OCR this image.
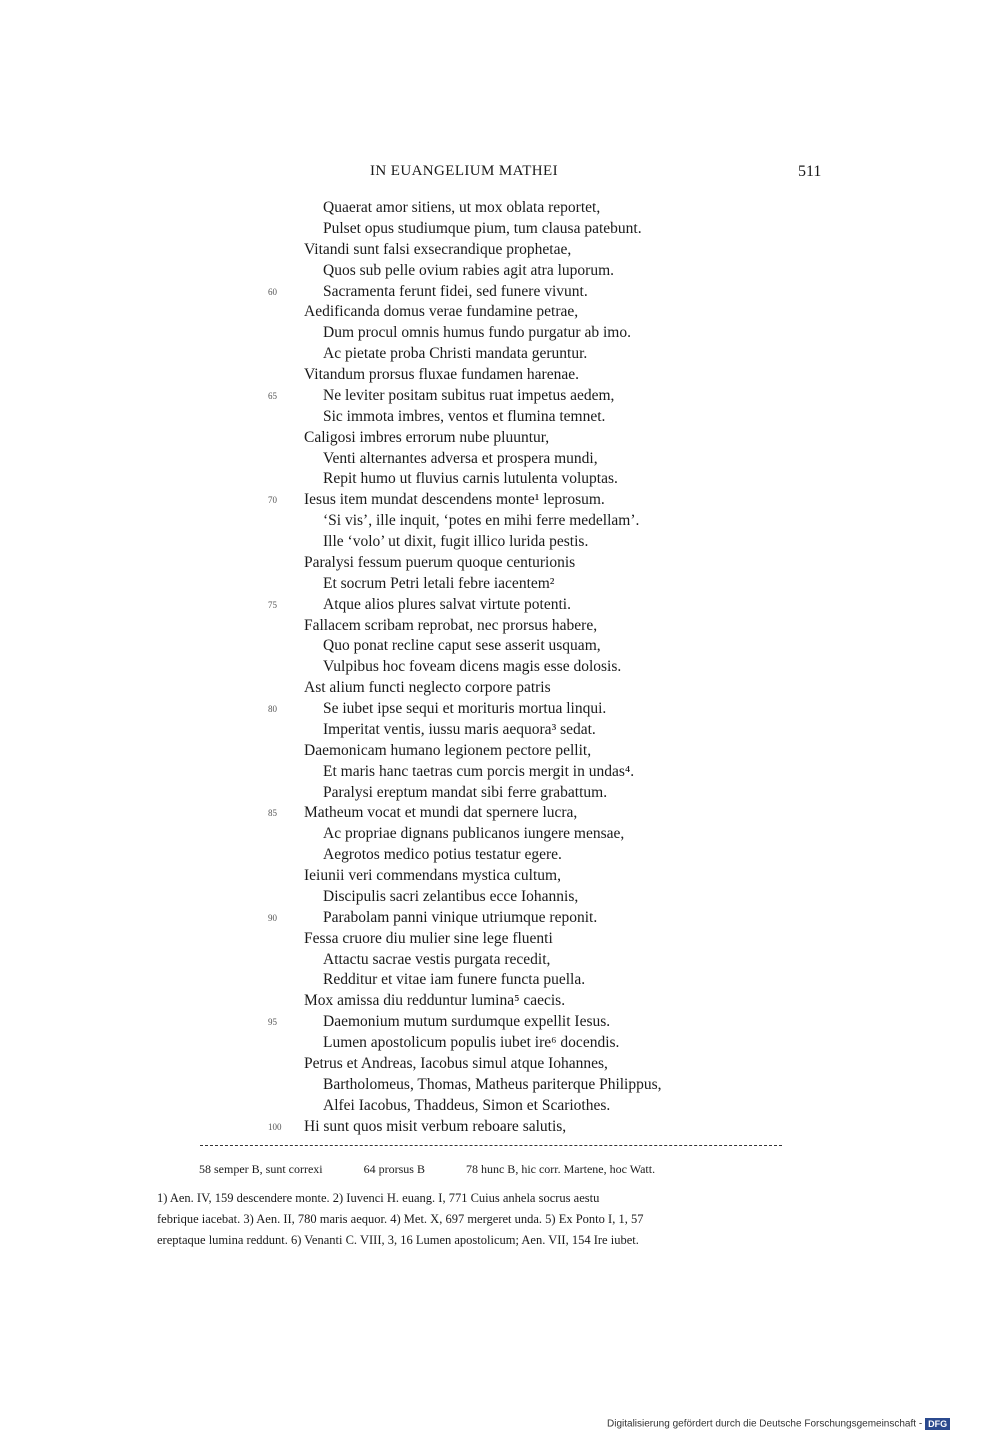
IN EUANGELIUM MATHEI	511
Quaerat amor sitiens, ut mox oblata reportet,
Pulset opus studiumque pium, tum clausa patebunt.
Vitandi sunt falsi exsecrandique prophetae,
Quos sub pelle ovium rabies agit atra luporum.
60	Sacramenta ferunt fidei, sed funere vivunt.
Aedificanda domus verae fundamine petrae,
Dum procul omnis humus fundo purgatur ab imo.
Ac pietate proba Christi mandata geruntur.
Vitandum prorsus fluxae fundamen harenae.
65	Ne leviter positam subitus ruat impetus aedem,
Sic immota imbres, ventos et flumina temnet.
Caligosi imbres errorum nube pluuntur,
Venti alternantes adversa et prospera mundi,
Repit humo ut fluvius carnis lutulenta voluptas.
70	Iesus item mundat descendens monte¹ leprosum.
‘Si vis’, ille inquit, ‘potes en mihi ferre medellam’.
Ille ‘volo’ ut dixit, fugit illico lurida pestis.
Paralysi fessum puerum quoque centurionis
Et socrum Petri letali febre iacentem²
75	Atque alios plures salvat virtute potenti.
Fallacem scribam reprobat, nec prorsus habere,
Quo ponat recline caput sese asserit usquam,
Vulpibus hoc foveam dicens magis esse dolosis.
Ast alium functi neglecto corpore patris
80	Se iubet ipse sequi et morituris mortua linqui.
Imperitat ventis, iussu maris aequora³ sedat.
Daemonicam humano legionem pectore pellit,
Et maris hanc taetras cum porcis mergit in undas⁴.
Paralysi ereptum mandat sibi ferre grabattum.
85	Matheum vocat et mundi dat spernere lucra,
Ac propriae dignans publicanos iungere mensae,
Aegrotos medico potius testatur egere.
Ieiunii veri commendans mystica cultum,
Discipulis sacri zelantibus ecce Iohannis,
90	Parabolam panni vinique utriumque reponit.
Fessa cruore diu mulier sine lege fluenti
Attactu sacrae vestis purgata recedit,
Redditur et vitae iam funere functa puella.
Mox amissa diu redduntur lumina⁵ caecis.
95	Daemonium mutum surdumque expellit Iesus.
Lumen apostolicum populis iubet ire⁶ docendis.
Petrus et Andreas, Iacobus simul atque Iohannes,
Bartholomeus, Thomas, Matheus pariterque Philippus,
Alfei Iacobus, Thaddeus, Simon et Scariothes.
100	Hi sunt quos misit verbum reboare salutis,
58 semper B, sunt correxi	64 prorsus B	78 hunc B, hic corr. Martene, hoc Watt.
1) Aen. IV, 159 descendere monte. 2) Iuvenci H. euang. I, 771 Cuius anhela socrus aestu
febrique iacebat. 3) Aen. II, 780 maris aequor. 4) Met. X, 697 mergeret unda. 5) Ex Ponto I, 1, 57
ereptaque lumina reddunt. 6) Venanti C. VIII, 3, 16 Lumen apostolicum; Aen. VII, 154 Ire iubet.
Digitalisierung gefördert durch die Deutsche Forschungsgemeinschaft - DFG
